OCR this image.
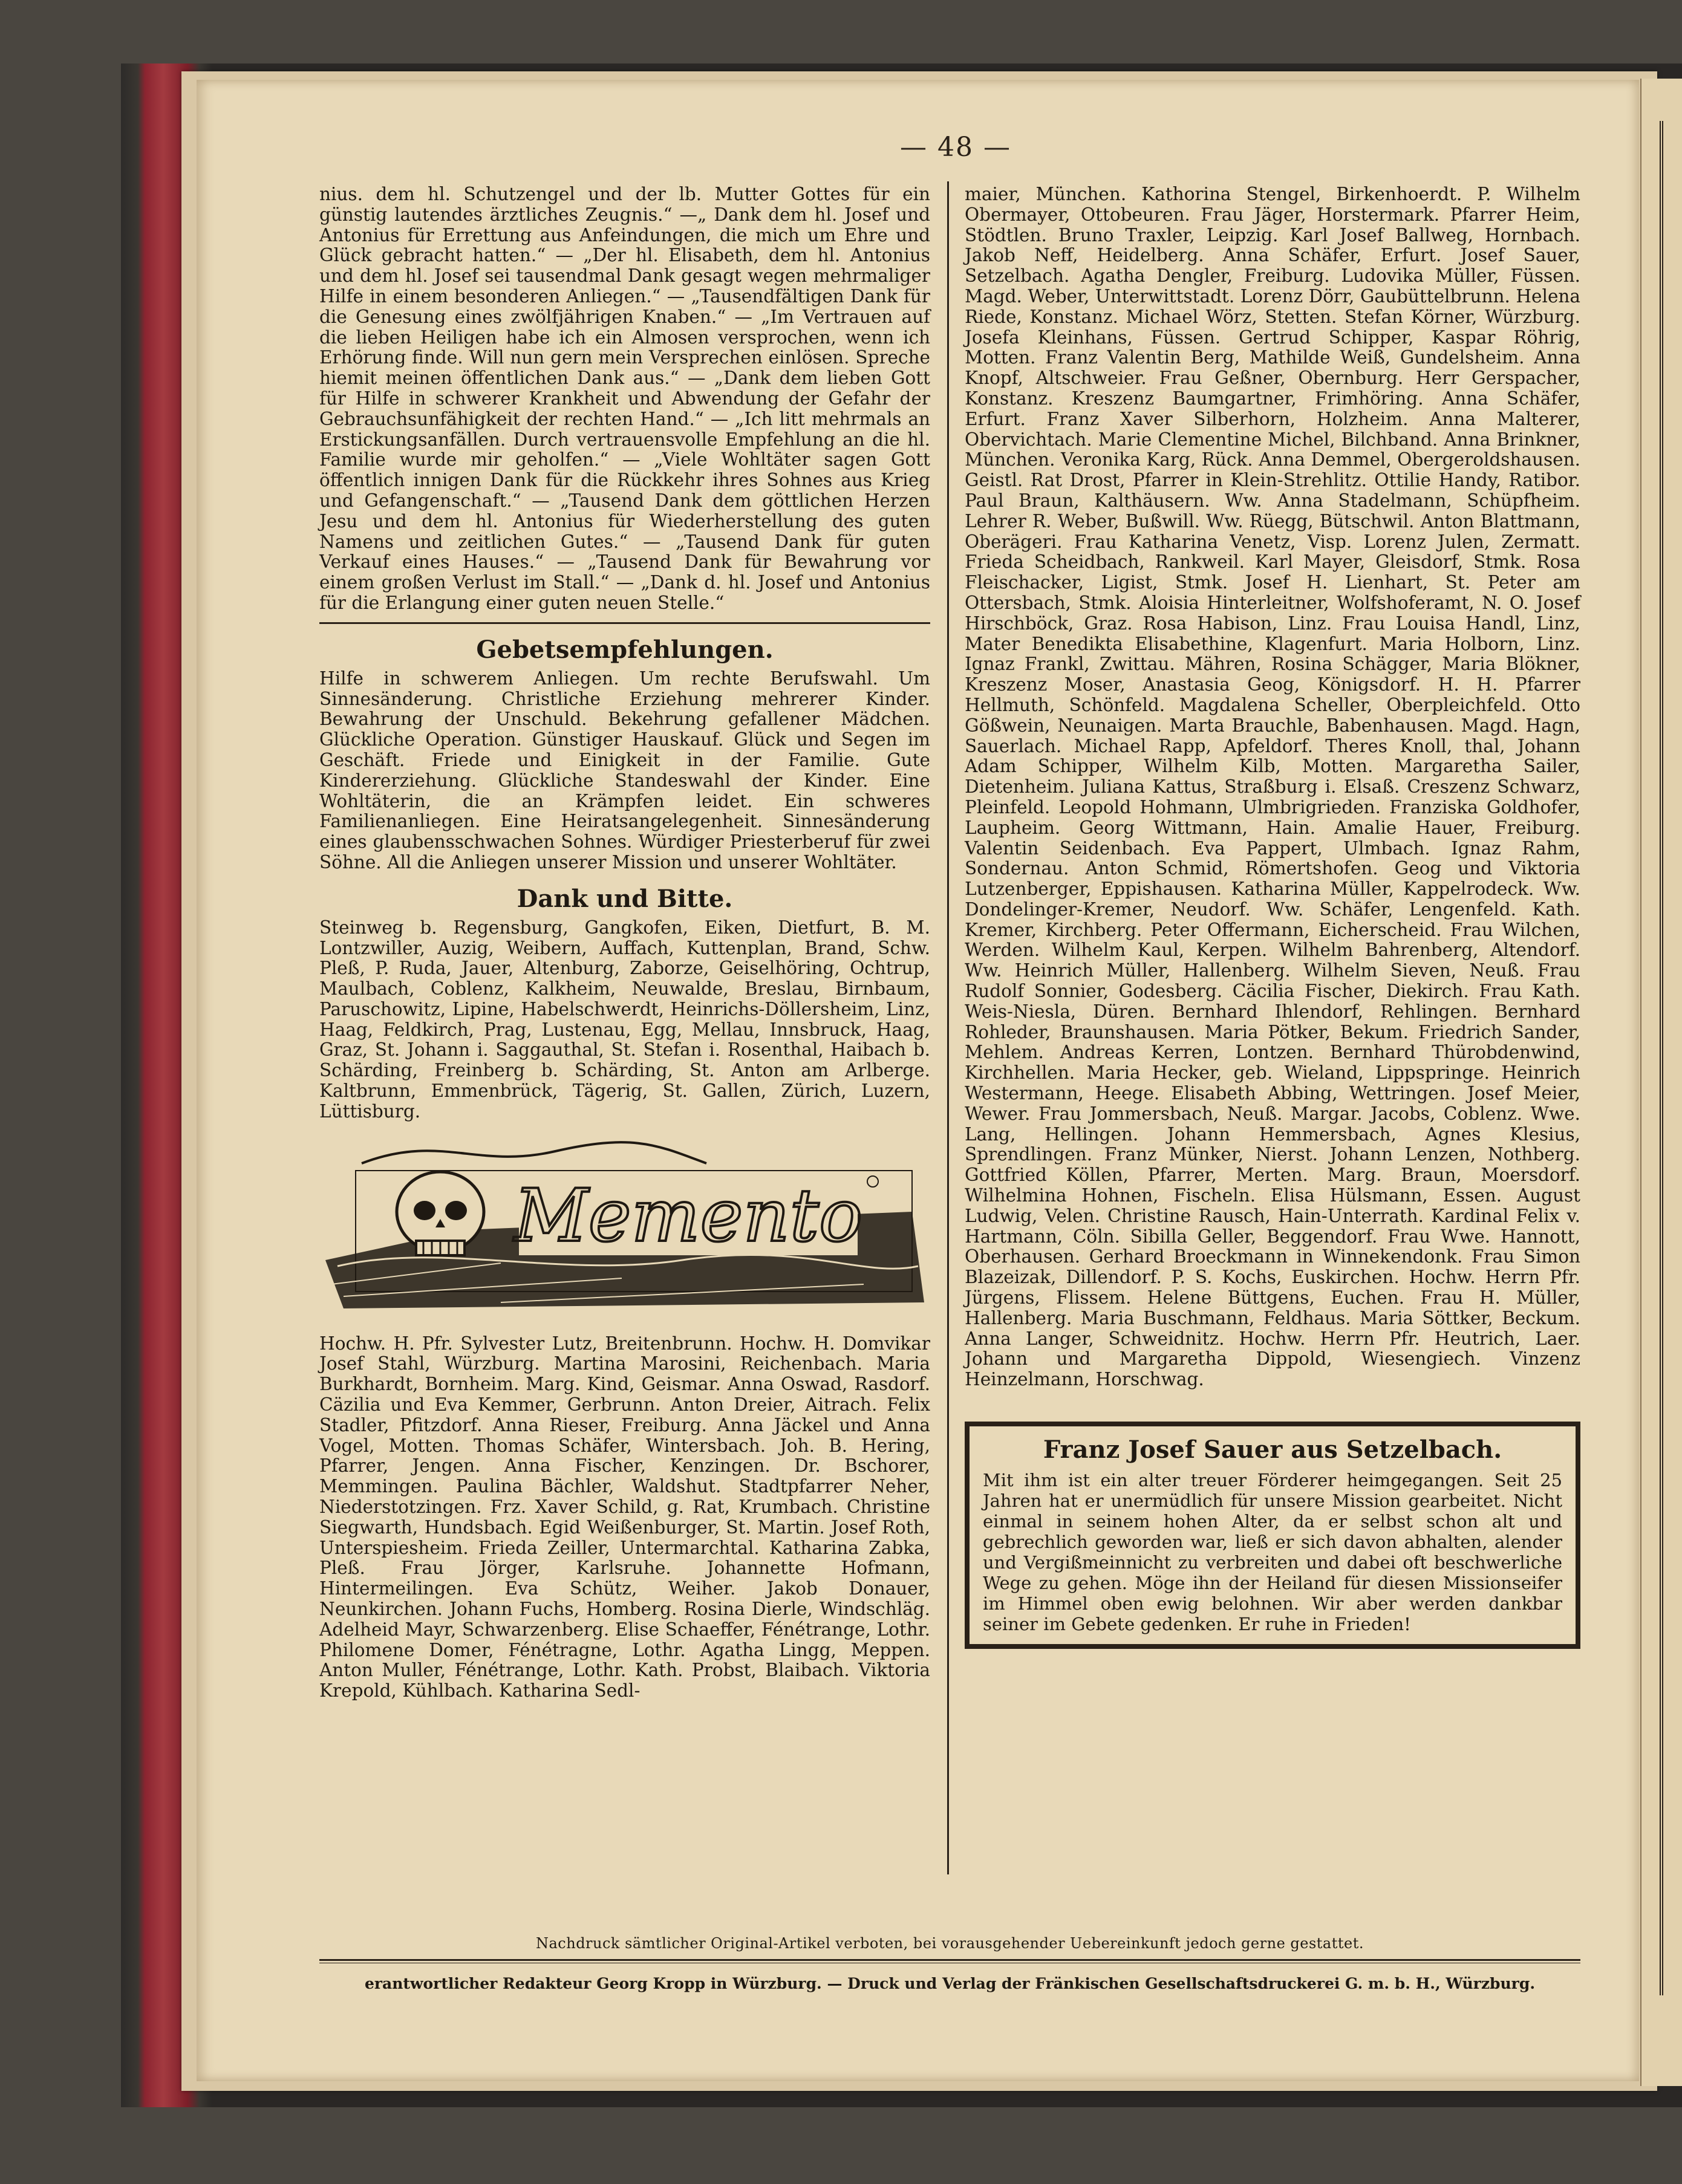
— 48 —

nius. dem hl. Schutzengel und der lb. Mutter Gottes für ein günstig lautendes ärztliches Zeugnis.“ —„ Dank dem hl. Josef und Antonius für Errettung aus Anfeindungen, die mich um Ehre und Glück gebracht hatten.“ — „Der hl. Elisabeth, dem hl. Antonius und dem hl. Josef sei tausendmal Dank gesagt wegen mehrmaliger Hilfe in einem besonderen Anliegen.“ — „Tausendfältigen Dank für die Genesung eines zwölfjährigen Knaben.“ — „Im Vertrauen auf die lieben Heiligen habe ich ein Almosen versprochen, wenn ich Erhörung finde. Will nun gern mein Versprechen einlösen. Spreche hiemit meinen öffentlichen Dank aus.“ — „Dank dem lieben Gott für Hilfe in schwerer Krankheit und Abwendung der Gefahr der Gebrauchsunfähigkeit der rechten Hand.“ — „Ich litt mehrmals an Erstickungsanfällen. Durch vertrauensvolle Empfehlung an die hl. Familie wurde mir geholfen.“ — „Viele Wohltäter sagen Gott öffentlich innigen Dank für die Rückkehr ihres Sohnes aus Krieg und Gefangenschaft.“ — „Tausend Dank dem göttlichen Herzen Jesu und dem hl. Antonius für Wiederherstellung des guten Namens und zeitlichen Gutes.“ — „Tausend Dank für guten Verkauf eines Hauses.“ — „Tausend Dank für Bewahrung vor einem großen Verlust im Stall.“ — „Dank d. hl. Josef und Antonius für die Erlangung einer guten neuen Stelle.“

Gebetsempfehlungen.

Hilfe in schwerem Anliegen. Um rechte Berufswahl. Um Sinnesänderung. Christliche Erziehung mehrerer Kinder. Bewahrung der Unschuld. Bekehrung gefallener Mädchen. Glückliche Operation. Günstiger Hauskauf. Glück und Segen im Geschäft. Friede und Einigkeit in der Familie. Gute Kindererziehung. Glückliche Standeswahl der Kinder. Eine Wohltäterin, die an Krämpfen leidet. Ein schweres Familienanliegen. Eine Heiratsangelegenheit. Sinnesänderung eines glaubensschwachen Sohnes. Würdiger Priesterberuf für zwei Söhne. All die Anliegen unserer Mission und unserer Wohltäter.

Dank und Bitte.

Steinweg b. Regensburg, Gangkofen, Eiken, Dietfurt, B. M. Lontzwiller, Auzig, Weibern, Auffach, Kuttenplan, Brand, Schw. Pleß, P. Ruda, Jauer, Altenburg, Zaborze, Geiselhöring, Ochtrup, Maulbach, Coblenz, Kalkheim, Neuwalde, Breslau, Birnbaum, Paruschowitz, Lipine, Habelschwerdt, Heinrichs-Döllersheim, Linz, Haag, Feldkirch, Prag, Lustenau, Egg, Mellau, Innsbruck, Haag, Graz, St. Johann i. Saggauthal, St. Stefan i. Rosenthal, Haibach b. Schärding, Freinberg b. Schärding, St. Anton am Arlberge. Kaltbrunn, Emmenbrück, Tägerig, St. Gallen, Zürich, Luzern, Lüttisburg.

Memento

Hochw. H. Pfr. Sylvester Lutz, Breitenbrunn. Hochw. H. Domvikar Josef Stahl, Würzburg. Martina Marosini, Reichenbach. Maria Burkhardt, Bornheim. Marg. Kind, Geismar. Anna Oswad, Rasdorf. Cäzilia und Eva Kemmer, Gerbrunn. Anton Dreier, Aitrach. Felix Stadler, Pfitzdorf. Anna Rieser, Freiburg. Anna Jäckel und Anna Vogel, Motten. Thomas Schäfer, Wintersbach. Joh. B. Hering, Pfarrer, Jengen. Anna Fischer, Kenzingen. Dr. Bschorer, Memmingen. Paulina Bächler, Waldshut. Stadtpfarrer Neher, Niederstotzingen. Frz. Xaver Schild, g. Rat, Krumbach. Christine Siegwarth, Hundsbach. Egid Weißenburger, St. Martin. Josef Roth, Unterspiesheim. Frieda Zeiller, Untermarchtal. Katharina Zabka, Pleß. Frau Jörger, Karlsruhe. Johannette Hofmann, Hintermeilingen. Eva Schütz, Weiher. Jakob Donauer, Neunkirchen. Johann Fuchs, Homberg. Rosina Dierle, Windschläg. Adelheid Mayr, Schwarzenberg. Elise Schaeffer, Fénétrange, Lothr. Philomene Domer, Fénétragne, Lothr. Agatha Lingg, Meppen. Anton Muller, Fénétrange, Lothr. Kath. Probst, Blaibach. Viktoria Krepold, Kühlbach. Katharina Sedl-

maier, München. Kathorina Stengel, Birkenhoerdt. P. Wilhelm Obermayer, Ottobeuren. Frau Jäger, Horstermark. Pfarrer Heim, Stödtlen. Bruno Traxler, Leipzig. Karl Josef Ballweg, Hornbach. Jakob Neff, Heidelberg. Anna Schäfer, Erfurt. Josef Sauer, Setzelbach. Agatha Dengler, Freiburg. Ludovika Müller, Füssen. Magd. Weber, Unterwittstadt. Lorenz Dörr, Gaubüttelbrunn. Helena Riede, Konstanz. Michael Wörz, Stetten. Stefan Körner, Würzburg. Josefa Kleinhans, Füssen. Gertrud Schipper, Kaspar Röhrig, Motten. Franz Valentin Berg, Mathilde Weiß, Gundelsheim. Anna Knopf, Altschweier. Frau Geßner, Obernburg. Herr Gerspacher, Konstanz. Kreszenz Baumgartner, Frimhöring. Anna Schäfer, Erfurt. Franz Xaver Silberhorn, Holzheim. Anna Malterer, Obervichtach. Marie Clementine Michel, Bilchband. Anna Brinkner, München. Veronika Karg, Rück. Anna Demmel, Obergeroldshausen. Geistl. Rat Drost, Pfarrer in Klein-Strehlitz. Ottilie Handy, Ratibor. Paul Braun, Kalthäusern. Ww. Anna Stadelmann, Schüpfheim. Lehrer R. Weber, Bußwill. Ww. Rüegg, Bütschwil. Anton Blattmann, Oberägeri. Frau Katharina Venetz, Visp. Lorenz Julen, Zermatt. Frieda Scheidbach, Rankweil. Karl Mayer, Gleisdorf, Stmk. Rosa Fleischacker, Ligist, Stmk. Josef H. Lienhart, St. Peter am Ottersbach, Stmk. Aloisia Hinterleitner, Wolfshoferamt, N. O. Josef Hirschböck, Graz. Rosa Habison, Linz. Frau Louisa Handl, Linz, Mater Benedikta Elisabethine, Klagenfurt. Maria Holborn, Linz. Ignaz Frankl, Zwittau. Mähren, Rosina Schägger, Maria Blökner, Kreszenz Moser, Anastasia Geog, Königsdorf. H. H. Pfarrer Hellmuth, Schönfeld. Magdalena Scheller, Oberpleichfeld. Otto Gößwein, Neunaigen. Marta Brauchle, Babenhausen. Magd. Hagn, Sauerlach. Michael Rapp, Apfeldorf. Theres Knoll, thal, Johann Adam Schipper, Wilhelm Kilb, Motten. Margaretha Sailer, Dietenheim. Juliana Kattus, Straßburg i. Elsaß. Creszenz Schwarz, Pleinfeld. Leopold Hohmann, Ulmbrigrieden. Franziska Goldhofer, Laupheim. Georg Wittmann, Hain. Amalie Hauer, Freiburg. Valentin Seidenbach. Eva Pappert, Ulmbach. Ignaz Rahm, Sondernau. Anton Schmid, Römertshofen. Geog und Viktoria Lutzenberger, Eppishausen. Katharina Müller, Kappelrodeck. Ww. Dondelinger-Kremer, Neudorf. Ww. Schäfer, Lengenfeld. Kath. Kremer, Kirchberg. Peter Offermann, Eicherscheid. Frau Wilchen, Werden. Wilhelm Kaul, Kerpen. Wilhelm Bahrenberg, Altendorf. Ww. Heinrich Müller, Hallenberg. Wilhelm Sieven, Neuß. Frau Rudolf Sonnier, Godesberg. Cäcilia Fischer, Diekirch. Frau Kath. Weis-Niesla, Düren. Bernhard Ihlendorf, Rehlingen. Bernhard Rohleder, Braunshausen. Maria Pötker, Bekum. Friedrich Sander, Mehlem. Andreas Kerren, Lontzen. Bernhard Thürobdenwind, Kirchhellen. Maria Hecker, geb. Wieland, Lippspringe. Heinrich Westermann, Heege. Elisabeth Abbing, Wettringen. Josef Meier, Wewer. Frau Jommersbach, Neuß. Margar. Jacobs, Coblenz. Wwe. Lang, Hellingen. Johann Hemmersbach, Agnes Klesius, Sprendlingen. Franz Münker, Nierst. Johann Lenzen, Nothberg. Gottfried Köllen, Pfarrer, Merten. Marg. Braun, Moersdorf. Wilhelmina Hohnen, Fischeln. Elisa Hülsmann, Essen. August Ludwig, Velen. Christine Rausch, Hain-Unterrath. Kardinal Felix v. Hartmann, Cöln. Sibilla Geller, Beggendorf. Frau Wwe. Hannott, Oberhausen. Gerhard Broeckmann in Winnekendonk. Frau Simon Blazeizak, Dillendorf. P. S. Kochs, Euskirchen. Hochw. Herrn Pfr. Jürgens, Flissem. Helene Büttgens, Euchen. Frau H. Müller, Hallenberg. Maria Buschmann, Feldhaus. Maria Söttker, Beckum. Anna Langer, Schweidnitz. Hochw. Herrn Pfr. Heutrich, Laer. Johann und Margaretha Dippold, Wiesengiech. Vinzenz Heinzelmann, Horschwag.

Franz Josef Sauer aus Setzelbach.

Mit ihm ist ein alter treuer Förderer heimgegangen. Seit 25 Jahren hat er unermüdlich für unsere Mission gearbeitet. Nicht einmal in seinem hohen Alter, da er selbst schon alt und gebrechlich geworden war, ließ er sich davon abhalten, alender und Vergißmeinnicht zu verbreiten und dabei oft beschwerliche Wege zu gehen. Möge ihn der Heiland für diesen Missionseifer im Himmel oben ewig belohnen. Wir aber werden dankbar seiner im Gebete gedenken. Er ruhe in Frieden!

Nachdruck sämtlicher Original-Artikel verboten, bei vorausgehender Uebereinkunft jedoch gerne gestattet.
erantwortlicher Redakteur Georg Kropp in Würzburg. — Druck und Verlag der Fränkischen Gesellschaftsdruckerei G. m. b. H., Würzburg.
